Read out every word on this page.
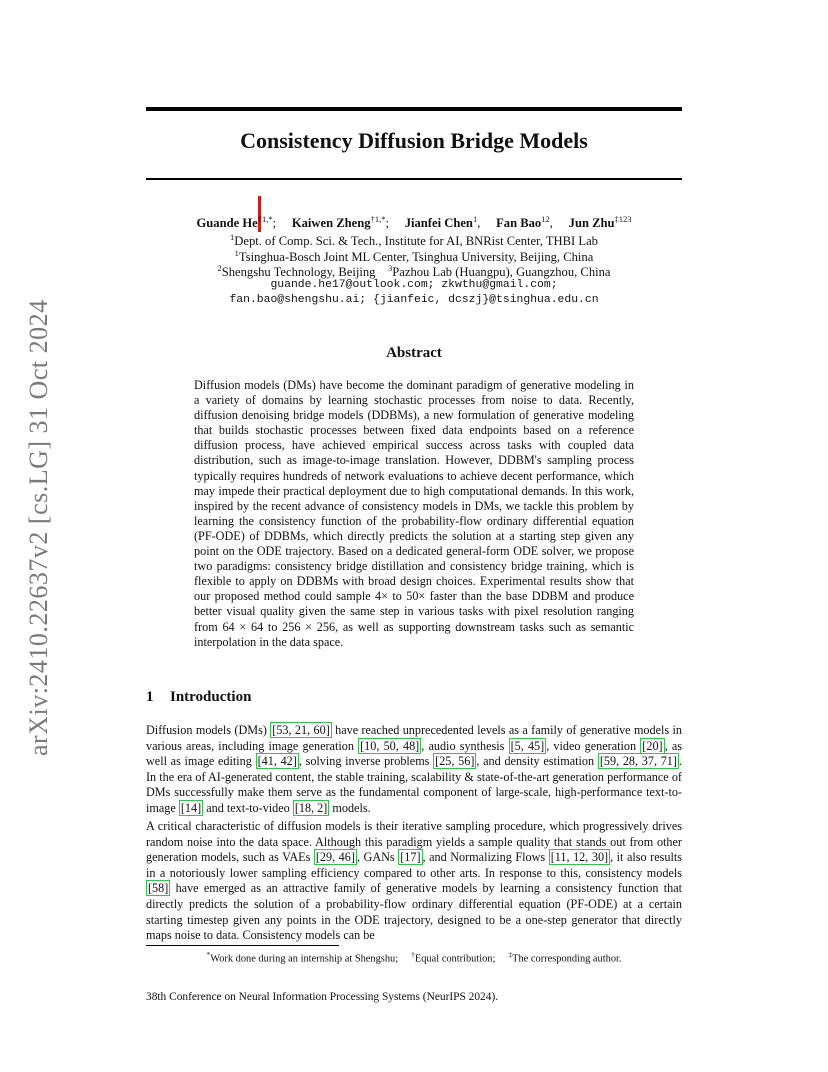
arXiv:2410.22637v2 [cs.LG] 31 Oct 2024
Consistency Diffusion Bridge Models
Guande $He^{\dagger 1,*}$;     Kaiwen Zheng$^{\dagger 1,*}$;     Jianfei Chen$^1$,     Fan Bao$^{12}$,     Jun Zhu$^{\ddagger 123}$
$^1$Dept. of Comp. Sci. & Tech., Institute for AI, BNRist Center, THBI Lab
$^1$Tsinghua-Bosch Joint ML Center, Tsinghua University, Beijing, China
$^2$Shengshu Technology, Beijing $^3$Pazhou Lab (Huangpu), Guangzhou, China
guande.he17@outlook.com; zkwthu@gmail.com;
fan.bao@shengshu.ai; {jianfeic, dcszj}@tsinghua.edu.cn
Abstract

Diffusion models (DMs) have become the dominant paradigm of generative modeling in a variety of domains by learning stochastic processes from noise to data. Recently, diffusion denoising bridge models (DDBMs), a new formulation of generative modeling that builds stochastic processes between fixed data endpoints based on a reference diffusion process, have achieved empirical success across tasks with coupled data distribution, such as image-to-image translation. However, DDBM's sampling process typically requires hundreds of network evaluations to achieve decent performance, which may impede their practical deployment due to high computational demands. In this work, inspired by the recent advance of consistency models in DMs, we tackle this problem by learning the consistency function of the probability-flow ordinary differential equation (PF-ODE) of DDBMs, which directly predicts the solution at a starting step given any point on the ODE trajectory. Based on a dedicated general-form ODE solver, we propose two paradigms: consistency bridge distillation and consistency bridge training, which is flexible to apply on DDBMs with broad design choices. Experimental results show that our proposed method could sample 4× to 50× faster than the base DDBM and produce better visual quality given the same step in various tasks with pixel resolution ranging from 64 × 64 to 256 × 256, as well as supporting downstream tasks such as semantic interpolation in the data space.

1 Introduction

Diffusion models (DMs) [53, 21, 60] have reached unprecedented levels as a family of generative models in various areas, including image generation [10, 50, 48] , audio synthesis [5, 45] , video generation [20] , as well as image editing [41, 42] , solving inverse problems [25, 56] , and density estimation [59, 28, 37, 71] . In the era of AI-generated content, the stable training, scalability & state-of-the-art generation performance of DMs successfully make them serve as the fundamental component of large-scale, high-performance text-to-image [14] and text-to-video [18, 2] models.

A critical characteristic of diffusion models is their iterative sampling procedure, which progressively drives random noise into the data space. Although this paradigm yields a sample quality that stands out from other generation models, such as VAEs [29, 46] , GANs [17] , and Normalizing Flows [11, 12, 30] , it also results in a notoriously lower sampling efficiency compared to other arts. In response to this, consistency models [58] have emerged as an attractive family of generative models by learning a consistency function that directly predicts the solution of a probability-flow ordinary differential equation (PF-ODE) at a certain starting timestep given any points in the ODE trajectory, designed to be a one-step generator that directly maps noise to data. Consistency models can be

*Work done during an internship at Shengshu; †Equal contribution; ‡The corresponding author.
38th Conference on Neural Information Processing Systems (NeurIPS 2024).
